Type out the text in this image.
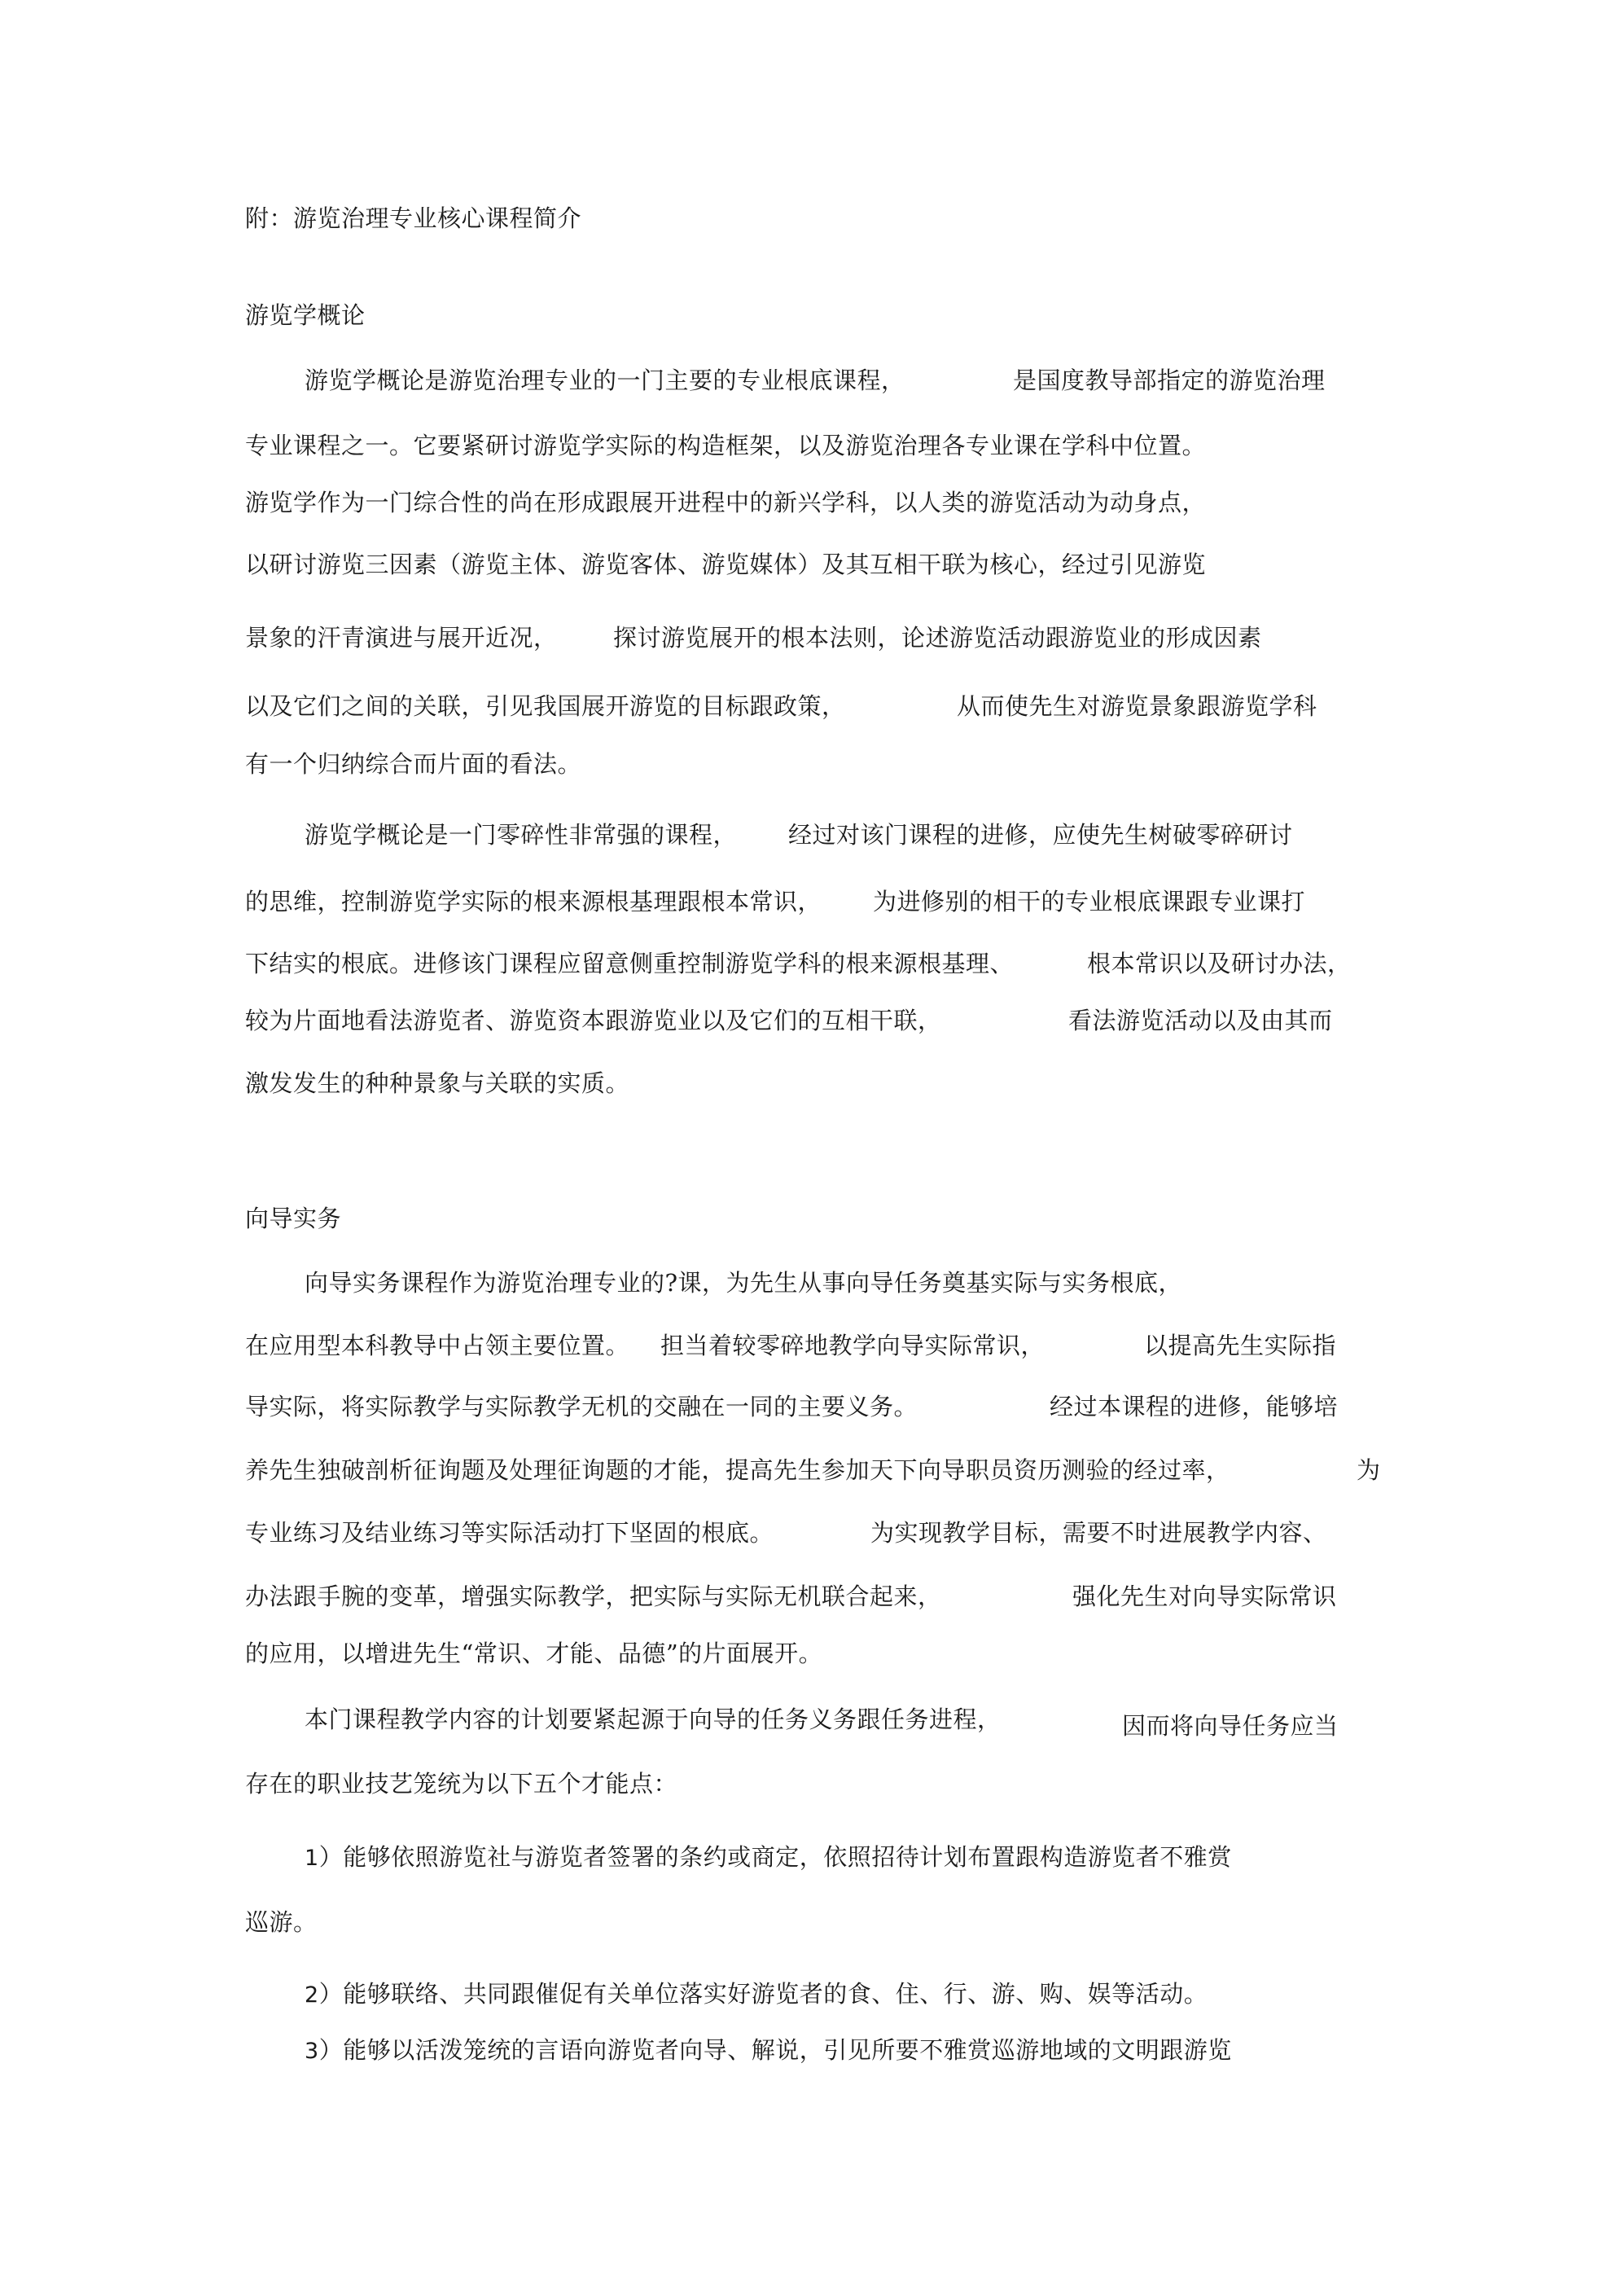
附：游览治理专业核心课程简介
游览学概论
游览学概论是游览治理专业的一门主要的专业根底课程，	是国度教导部指定的游览治理
专业课程之一。它要紧研讨游览学实际的构造框架，以及游览治理各专业课在学科中位置。
游览学作为一门综合性的尚在形成跟展开进程中的新兴学科，以人类的游览活动为动身点，
以研讨游览三因素（游览主体、游览客体、游览媒体）及其互相干联为核心，经过引见游览
景象的汗青演进与展开近况， 探讨游览展开的根本法则，论述游览活动跟游览业的形成因素
以及它们之间的关联，引见我国展开游览的目标跟政策，	从而使先生对游览景象跟游览学科
有一个归纳综合而片面的看法。
游览学概论是一门零碎性非常强的课程， 经过对该门课程的进修，应使先生树破零碎研讨
的思维，控制游览学实际的根来源根基理跟根本常识， 为进修别的相干的专业根底课跟专业课打
下结实的根底。进修该门课程应留意侧重控制游览学科的根来源根基理、	根本常识以及研讨办法，
较为片面地看法游览者、游览资本跟游览业以及它们的互相干联，	看法游览活动以及由其而
激发发生的种种景象与关联的实质。
向导实务
向导实务课程作为游览治理专业的?课，为先生从事向导任务奠基实际与实务根底，
在应用型本科教导中占领主要位置。 担当着较零碎地教学向导实际常识，	以提高先生实际指
导实际，将实际教学与实际教学无机的交融在一同的主要义务。	经过本课程的进修，能够培
养先生独破剖析征询题及处理征询题的才能，提高先生参加天下向导职员资历测验的经过率，	为
专业练习及结业练习等实际活动打下坚固的根底。	为实现教学目标，需要不时进展教学内容、
办法跟手腕的变革，增强实际教学，把实际与实际无机联合起来，	强化先生对向导实际常识
的应用，以增进先生“常识、才能、品德”的片面展开。
本门课程教学内容的计划要紧起源于向导的任务义务跟任务进程，	因而将向导任务应当
存在的职业技艺笼统为以下五个才能点：
1）能够依照游览社与游览者签署的条约或商定，依照招待计划布置跟构造游览者不雅赏
巡游。
2）能够联络、共同跟催促有关单位落实好游览者的食、住、行、游、购、娱等活动。
3）能够以活泼笼统的言语向游览者向导、解说，引见所要不雅赏巡游地域的文明跟游览
